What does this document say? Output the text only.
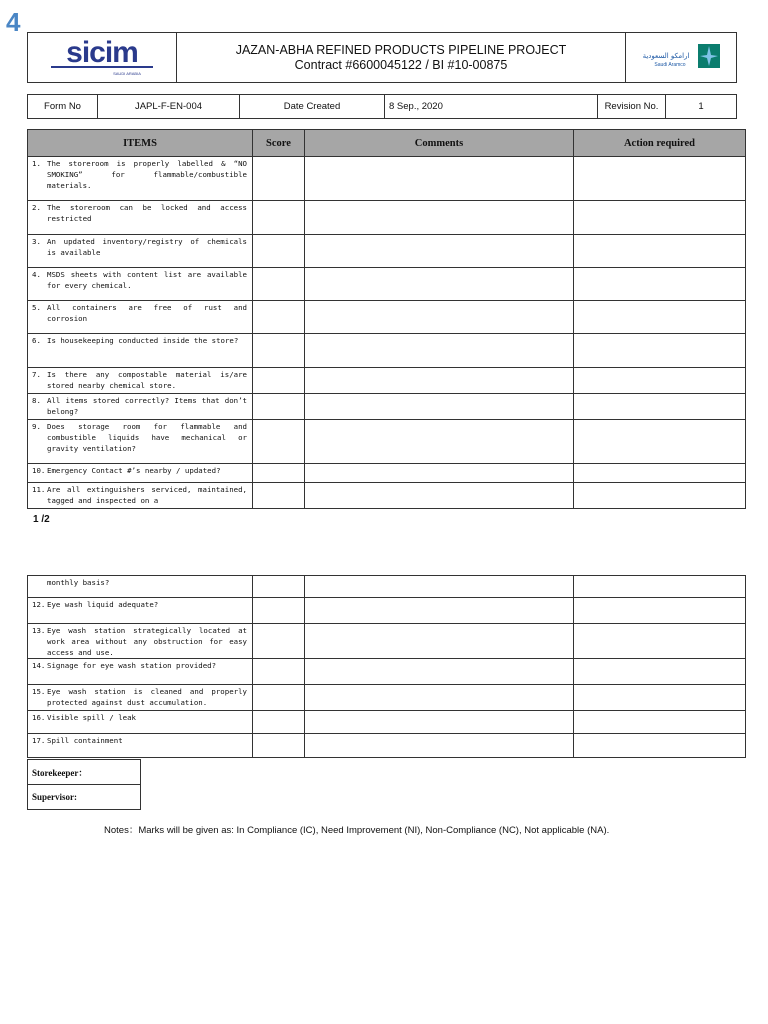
4
sicim
SAUDI ARABIA
JAZAN-ABHA REFINED PRODUCTS PIPELINE PROJECT
Contract #6600045122 / BI #10-00875
ارامكو السعودية
Saudi Aramco
Form No	JAPL-F-EN-004	Date Created	8 Sep., 2020	Revision No.	1
ITEMS	Score	Comments	Action required
1. The storeroom is properly labelled & “NO SMOKING” for flammable/combustible materials.			
2. The storeroom can be locked and access restricted			
3. An updated inventory/registry of chemicals is available			
4. MSDS sheets with content list are available for every chemical.			
5. All containers are free of rust and corrosion			
6. Is housekeeping conducted inside the store?			
7. Is there any compostable material is/are stored nearby chemical store.			
8. All items stored correctly? Items that don’t belong?			
9. Does storage room for flammable and combustible liquids have mechanical or gravity ventilation?			
10. Emergency Contact #’s nearby / updated?			
11. Are all extinguishers serviced, maintained, tagged and inspected on a			
1 /2
monthly basis?			
12. Eye wash liquid adequate?			
13. Eye wash station strategically located at work area without any obstruction for easy access and use.			
14. Signage for eye wash station provided?			
15. Eye wash station is cleaned and properly protected against dust accumulation.			
16. Visible spill / leak			
17. Spill containment			
Storekeeper：
Supervisor:
Notes：Marks will be given as: In Compliance (IC), Need Improvement (NI), Non-Compliance (NC), Not applicable (NA).
